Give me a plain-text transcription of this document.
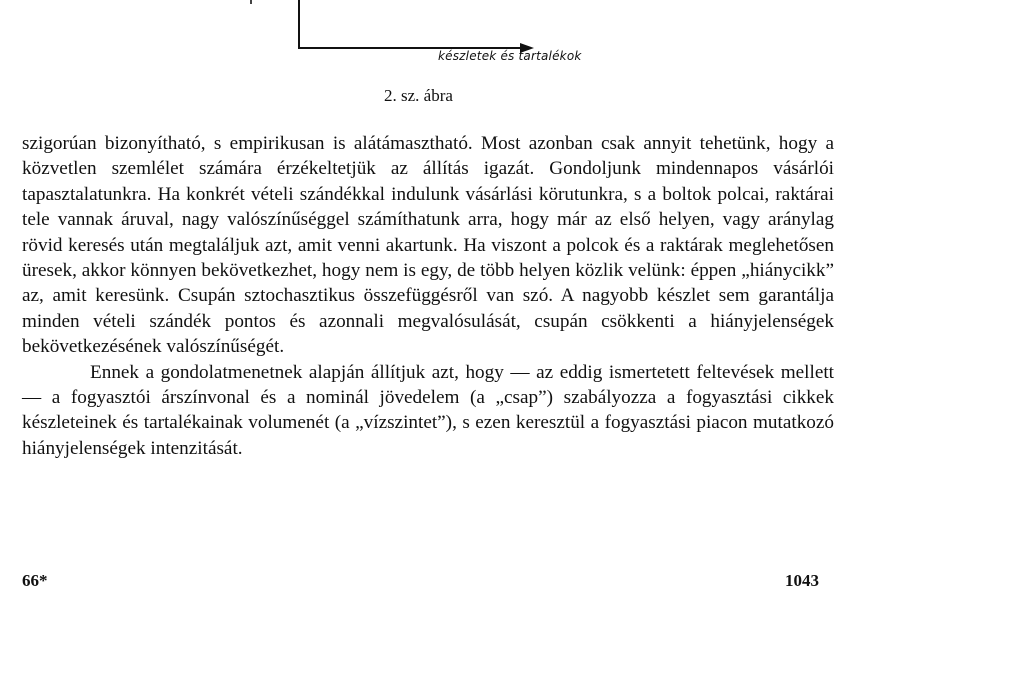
készletek és tartalékok
2. sz. ábra

szigorúan bizonyítható, s empirikusan is alátámasztható. Most azonban csak annyit tehetünk, hogy a közvetlen szemlélet számára érzékeltetjük az állítás igazát. Gondoljunk mindennapos vásárlói tapasztalatunkra. Ha konkrét vételi szándékkal indulunk vásárlási körutunkra, s a boltok polcai, raktárai tele vannak áruval, nagy valószínűséggel számíthatunk arra, hogy már az első helyen, vagy aránylag rövid keresés után megtaláljuk azt, amit venni akartunk. Ha viszont a polcok és a raktárak meglehetősen üresek, akkor könnyen bekövetkezhet, hogy nem is egy, de több helyen közlik velünk: éppen „hiánycikk” az, amit keresünk. Csupán sztochasztikus összefüggésről van szó. A nagyobb készlet sem garantálja minden vételi szándék pontos és azonnali megvalósulását, csupán csökkenti a hiányjelenségek bekövetkezésének valószínűségét.

Ennek a gondolatmenetnek alapján állítjuk azt, hogy — az eddig ismertetett feltevések mellett — a fogyasztói árszínvonal és a nominál jövedelem (a „csap”) szabályozza a fogyasztási cikkek készleteinek és tartalékainak volumenét (a „vízszintet”), s ezen keresztül a fogyasztási piacon mutatkozó hiányjelenségek intenzitását.

66*	1043
